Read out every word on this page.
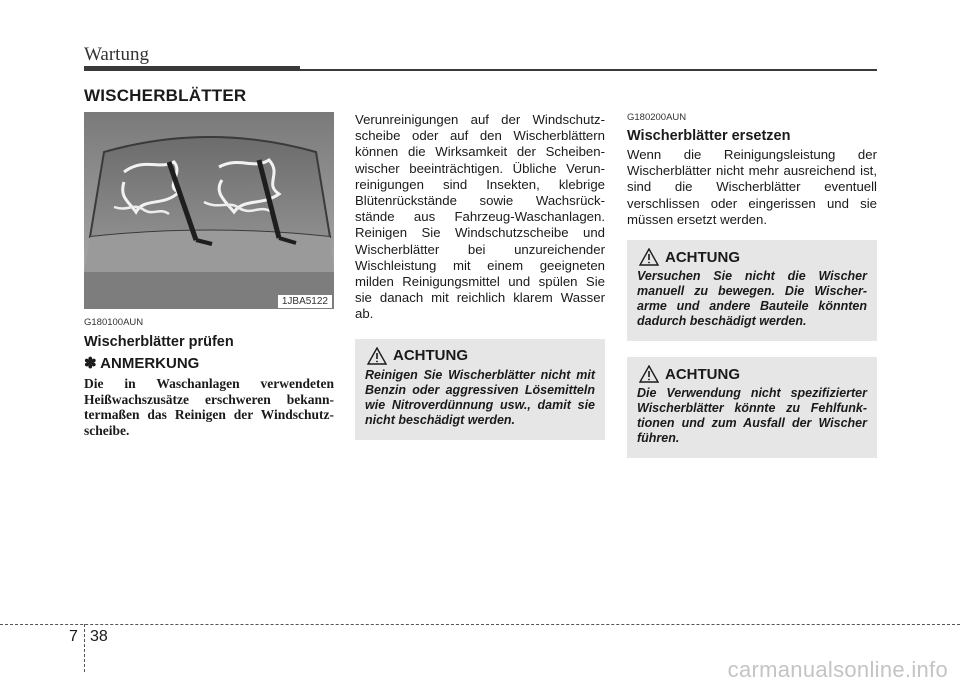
Wartung
WISCHERBLÄTTER
1JBA5122
G180100AUN
Wischerblätter prüfen
✽ ANMERKUNG
Die in Waschanlagen verwendeten Heißwachszusätze erschweren bekann-termaßen das Reinigen der Windschutz-scheibe.
Verunreinigungen auf der Windschutz-scheibe oder auf den Wischerblättern können die Wirksamkeit der Scheiben-wischer beeinträchtigen. Übliche Verun-reinigungen sind Insekten, klebrige Blütenrückstände sowie Wachsrück-stände aus Fahrzeug-Waschanlagen. Reinigen Sie Windschutzscheibe und Wischerblätter bei unzureichender Wischleistung mit einem geeigneten milden Reinigungsmittel und spülen Sie sie danach mit reichlich klarem Wasser ab.
ACHTUNG
Reinigen Sie Wischerblätter nicht mit Benzin oder aggressiven Lösemitteln wie Nitroverdünnung usw., damit sie nicht beschädigt werden.
G180200AUN
Wischerblätter ersetzen
Wenn die Reinigungsleistung der Wischerblätter nicht mehr ausreichend ist, sind die Wischerblätter eventuell verschlissen oder eingerissen und sie müssen ersetzt werden.
ACHTUNG
Versuchen Sie nicht die Wischer manuell zu bewegen. Die Wischer-arme und andere Bauteile könnten dadurch beschädigt werden.
ACHTUNG
Die Verwendung nicht spezifizierter Wischerblätter könnte zu Fehlfunk-tionen und zum Ausfall der Wischer führen.
7 38
carmanualsonline.info
